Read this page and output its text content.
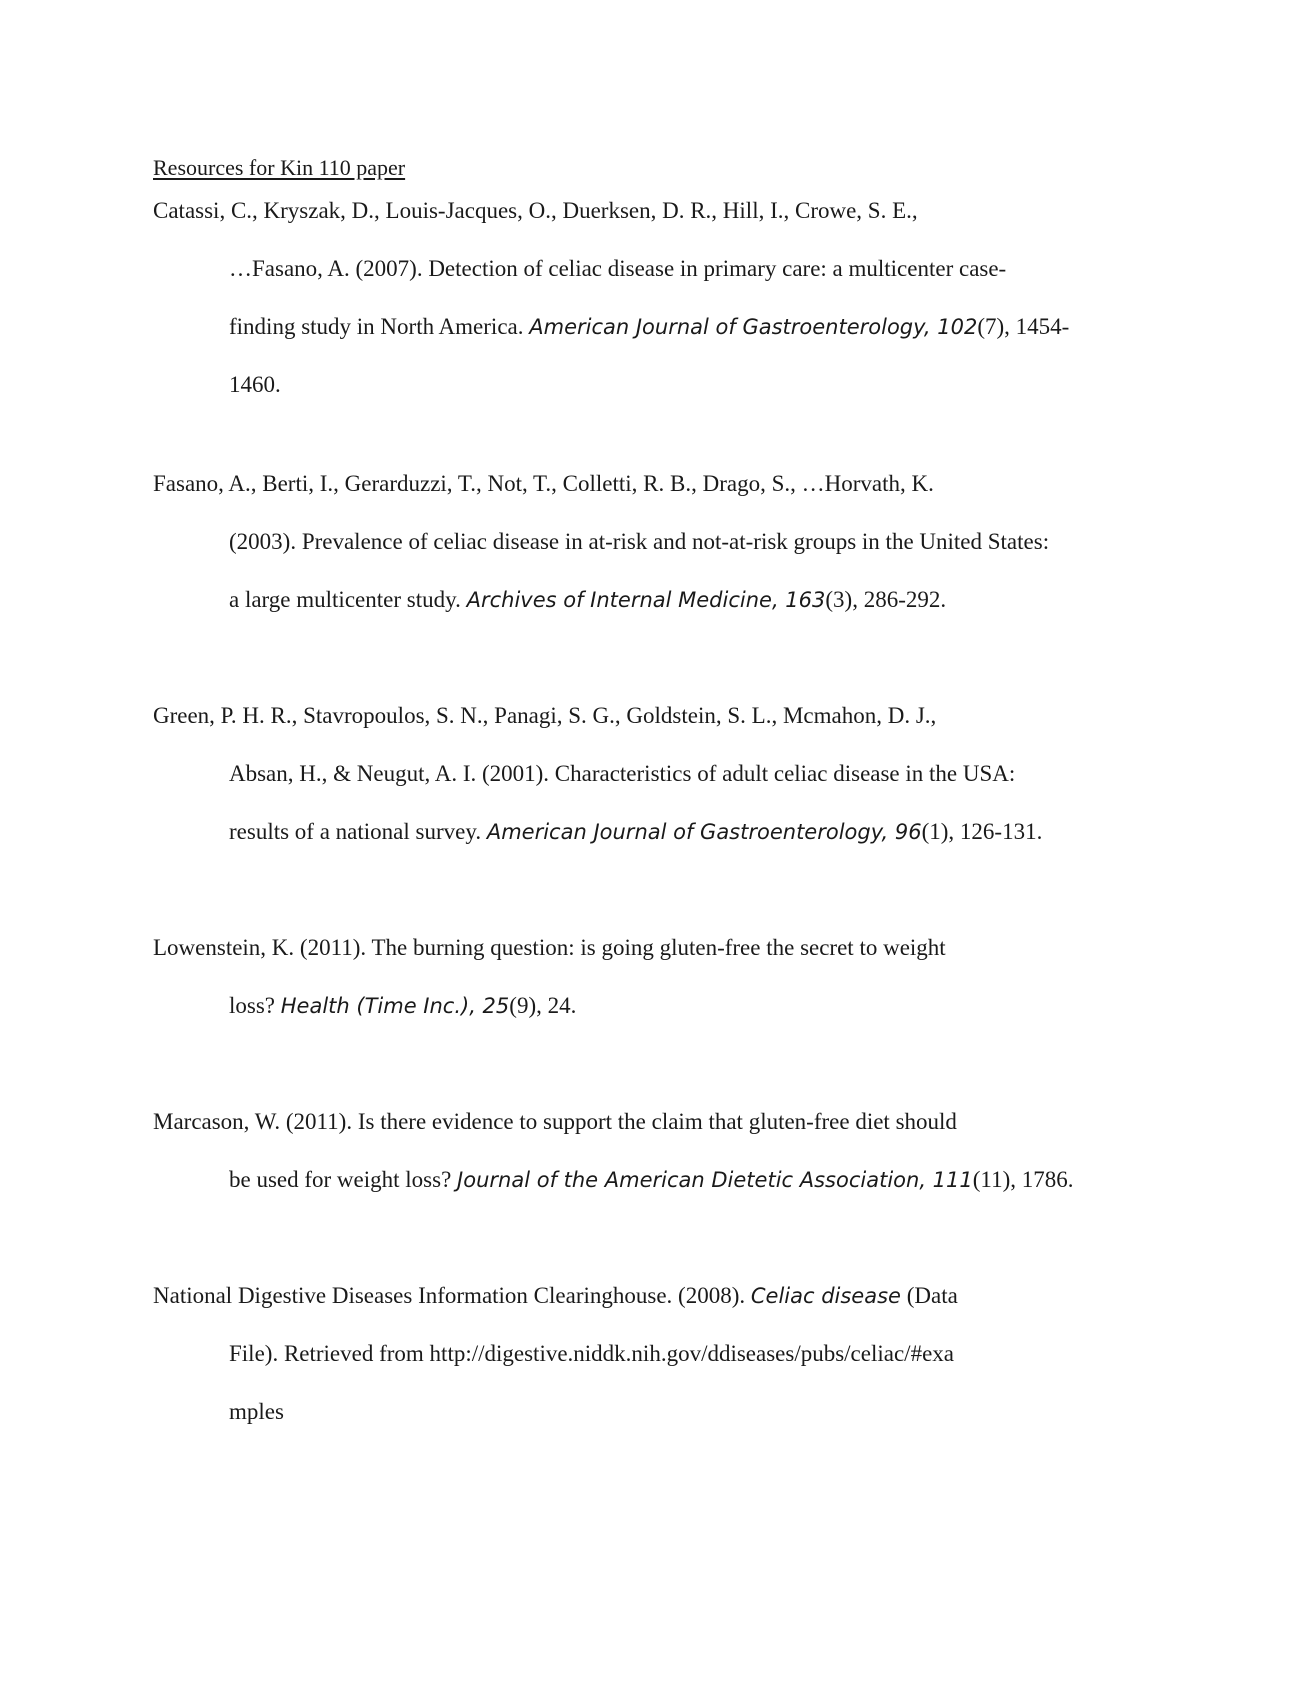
Resources for Kin 110 paper
Catassi, C., Kryszak, D., Louis-Jacques, O., Duerksen, D. R., Hill, I., Crowe, S. E.,
…Fasano, A. (2007). Detection of celiac disease in primary care: a multicenter case-
finding study in North America. American Journal of Gastroenterology, 102(7), 1454-
1460.
Fasano, A., Berti, I., Gerarduzzi, T., Not, T., Colletti, R. B., Drago, S., …Horvath, K.
(2003). Prevalence of celiac disease in at-risk and not-at-risk groups in the United States:
a large multicenter study. Archives of Internal Medicine, 163(3), 286-292.
Green, P. H. R., Stavropoulos, S. N., Panagi, S. G., Goldstein, S. L., Mcmahon, D. J.,
Absan, H., & Neugut, A. I. (2001). Characteristics of adult celiac disease in the USA:
results of a national survey. American Journal of Gastroenterology, 96(1), 126-131.
Lowenstein, K. (2011). The burning question: is going gluten-free the secret to weight
loss? Health (Time Inc.), 25(9), 24.
Marcason, W. (2011). Is there evidence to support the claim that gluten-free diet should
be used for weight loss? Journal of the American Dietetic Association, 111(11), 1786.
National Digestive Diseases Information Clearinghouse. (2008). Celiac disease (Data
File). Retrieved from http://digestive.niddk.nih.gov/ddiseases/pubs/celiac/#exa
mples
